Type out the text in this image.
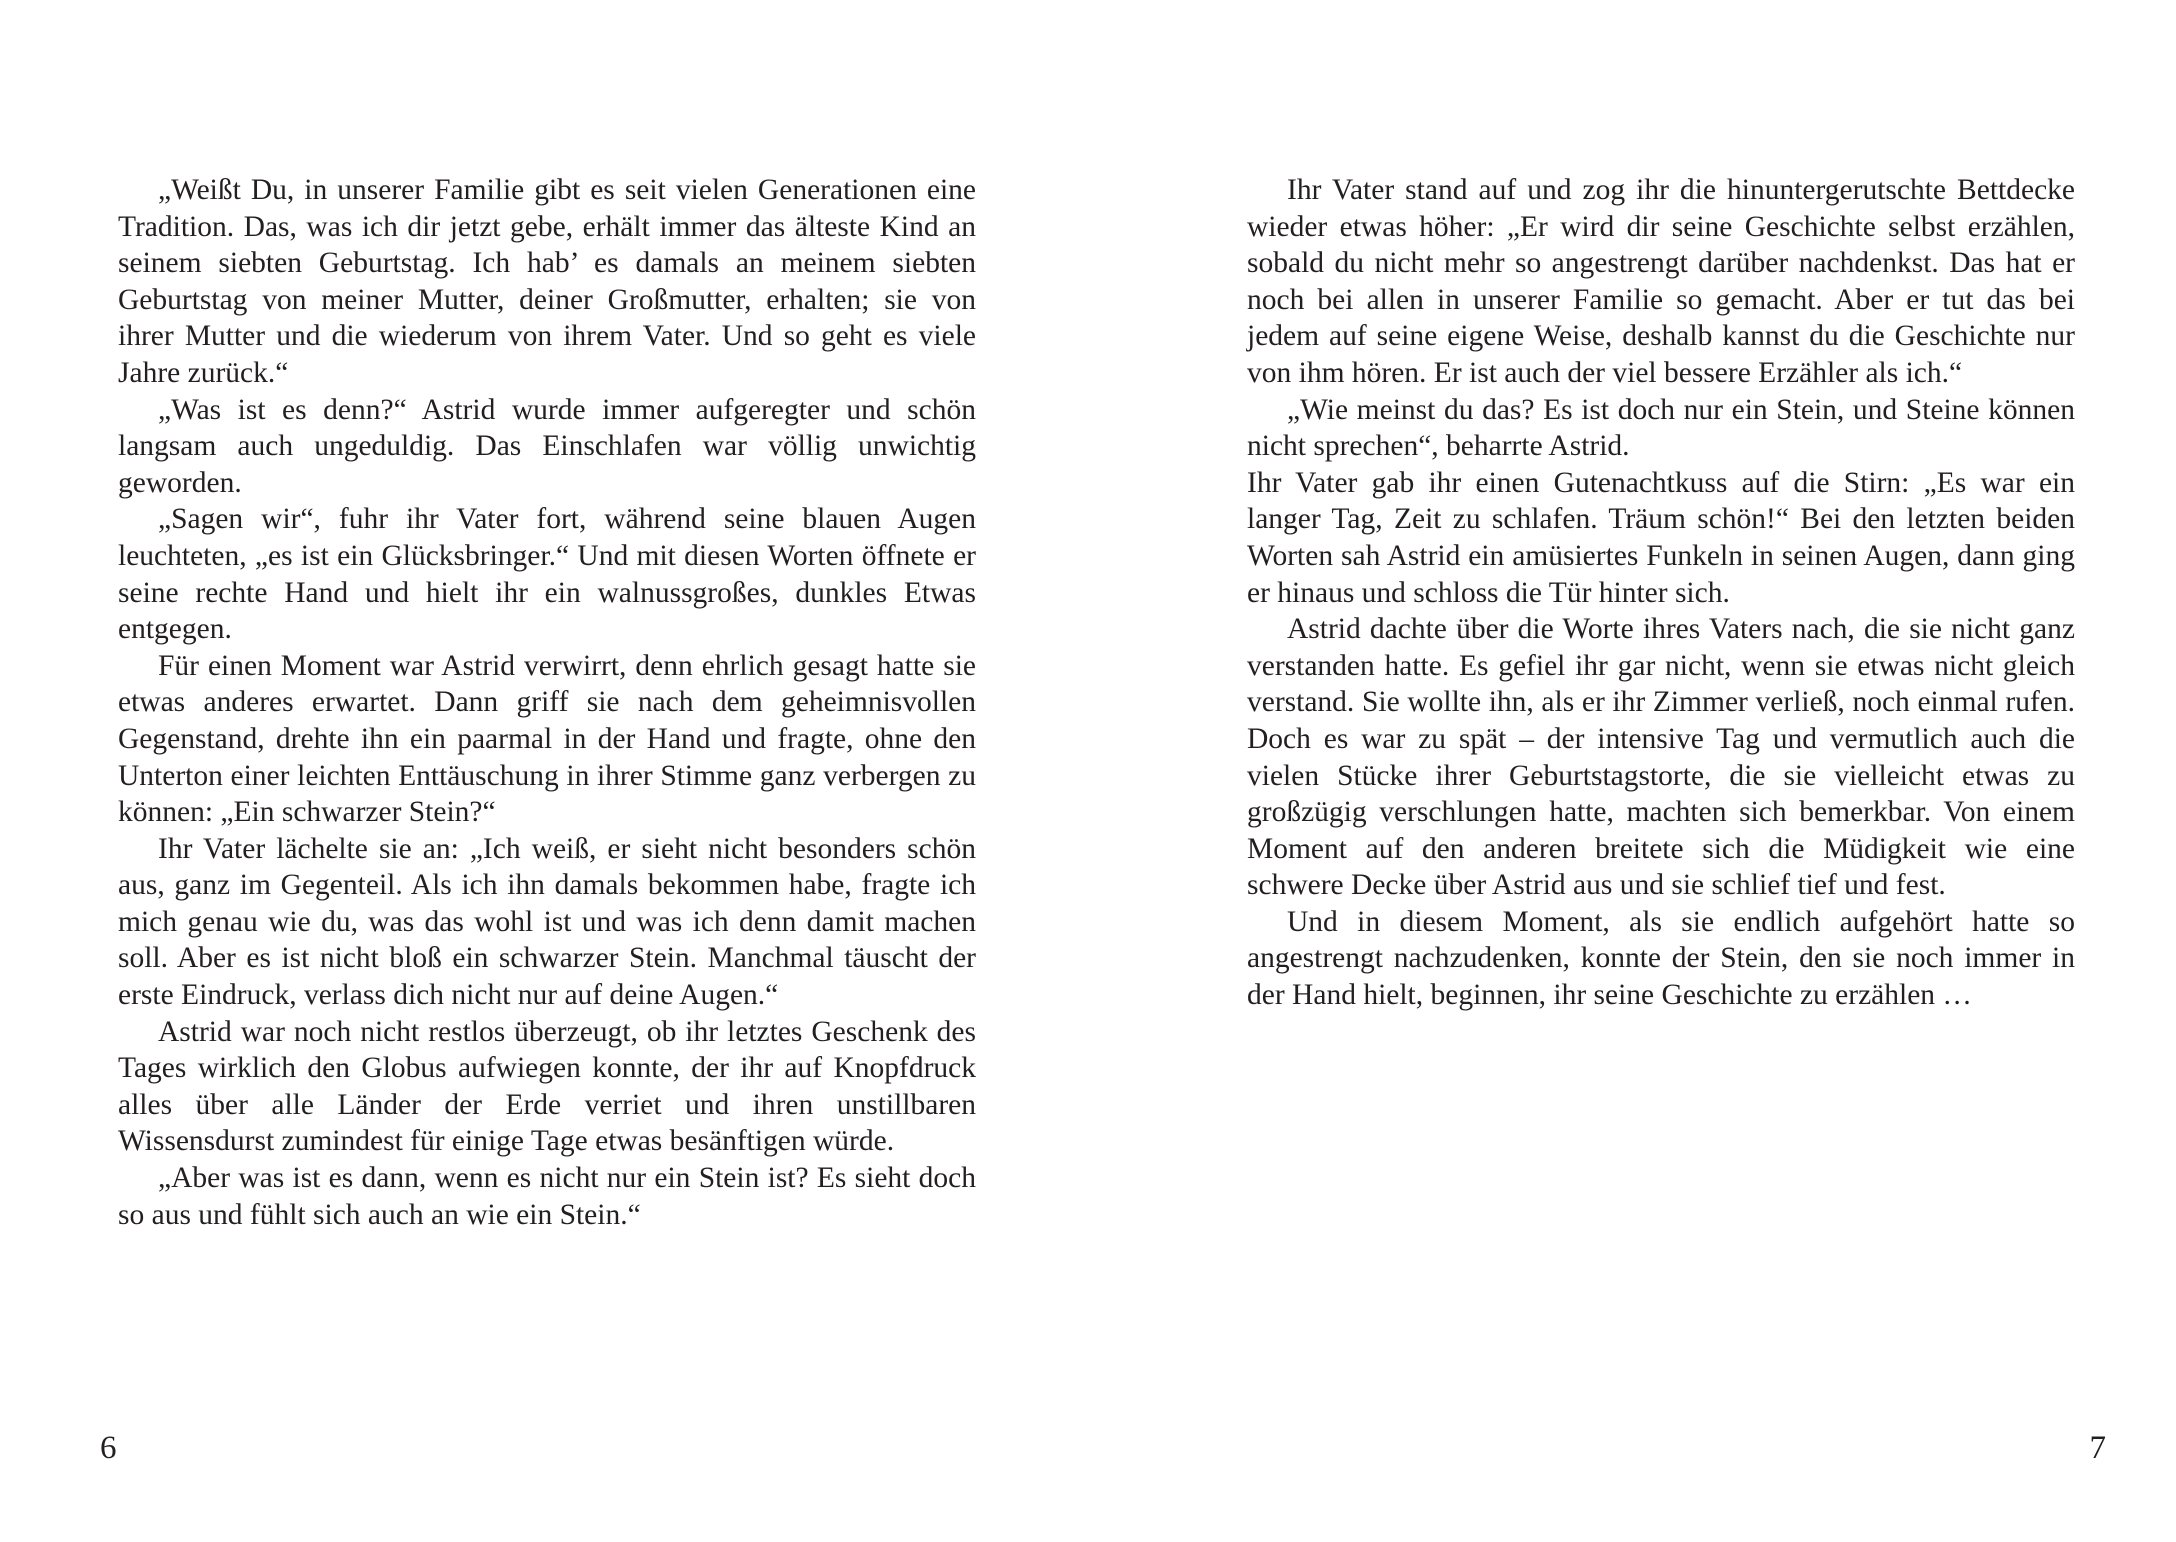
„Weißt Du, in unserer Familie gibt es seit vielen Generationen eine Tradition. Das, was ich dir jetzt gebe, erhält immer das älteste Kind an seinem siebten Geburtstag. Ich hab’ es damals an meinem siebten Geburtstag von meiner Mutter, deiner Großmutter, erhalten; sie von ihrer Mutter und die wiederum von ihrem Vater. Und so geht es viele Jahre zurück.“

„Was ist es denn?“ Astrid wurde immer aufgeregter und schön langsam auch ungeduldig. Das Einschlafen war völlig unwichtig geworden.

„Sagen wir“, fuhr ihr Vater fort, während seine blauen Augen leuchteten, „es ist ein Glücksbringer.“ Und mit diesen Worten öffnete er seine rechte Hand und hielt ihr ein walnussgroßes, dunkles Etwas entgegen.

Für einen Moment war Astrid verwirrt, denn ehrlich gesagt hatte sie etwas anderes erwartet. Dann griff sie nach dem geheimnisvollen Gegenstand, drehte ihn ein paarmal in der Hand und fragte, ohne den Unterton einer leichten Enttäuschung in ihrer Stimme ganz verbergen zu können: „Ein schwarzer Stein?“

Ihr Vater lächelte sie an: „Ich weiß, er sieht nicht besonders schön aus, ganz im Gegenteil. Als ich ihn damals bekommen habe, fragte ich mich genau wie du, was das wohl ist und was ich denn damit machen soll. Aber es ist nicht bloß ein schwarzer Stein. Manchmal täuscht der erste Eindruck, verlass dich nicht nur auf deine Augen.“

Astrid war noch nicht restlos überzeugt, ob ihr letztes Geschenk des Tages wirklich den Globus aufwiegen konnte, der ihr auf Knopfdruck alles über alle Länder der Erde verriet und ihren unstillbaren Wissensdurst zumindest für einige Tage etwas besänftigen würde.

„Aber was ist es dann, wenn es nicht nur ein Stein ist? Es sieht doch so aus und fühlt sich auch an wie ein Stein.“

6

Ihr Vater stand auf und zog ihr die hinuntergerutschte Bettdecke wieder etwas höher: „Er wird dir seine Geschichte selbst erzählen, sobald du nicht mehr so angestrengt darüber nachdenkst. Das hat er noch bei allen in unserer Familie so gemacht. Aber er tut das bei jedem auf seine eigene Weise, deshalb kannst du die Geschichte nur von ihm hören. Er ist auch der viel bessere Erzähler als ich.“

„Wie meinst du das? Es ist doch nur ein Stein, und Steine können nicht sprechen“, beharrte Astrid.

Ihr Vater gab ihr einen Gutenachtkuss auf die Stirn: „Es war ein langer Tag, Zeit zu schlafen. Träum schön!“ Bei den letzten beiden Worten sah Astrid ein amüsiertes Funkeln in seinen Augen, dann ging er hinaus und schloss die Tür hinter sich.

Astrid dachte über die Worte ihres Vaters nach, die sie nicht ganz verstanden hatte. Es gefiel ihr gar nicht, wenn sie etwas nicht gleich verstand. Sie wollte ihn, als er ihr Zimmer verließ, noch einmal rufen. Doch es war zu spät – der intensive Tag und vermutlich auch die vielen Stücke ihrer Geburtstagstorte, die sie vielleicht etwas zu großzügig verschlungen hatte, machten sich bemerkbar. Von einem Moment auf den anderen breitete sich die Müdigkeit wie eine schwere Decke über Astrid aus und sie schlief tief und fest.

Und in diesem Moment, als sie endlich aufgehört hatte so angestrengt nachzudenken, konnte der Stein, den sie noch immer in der Hand hielt, beginnen, ihr seine Geschichte zu erzählen …

7
